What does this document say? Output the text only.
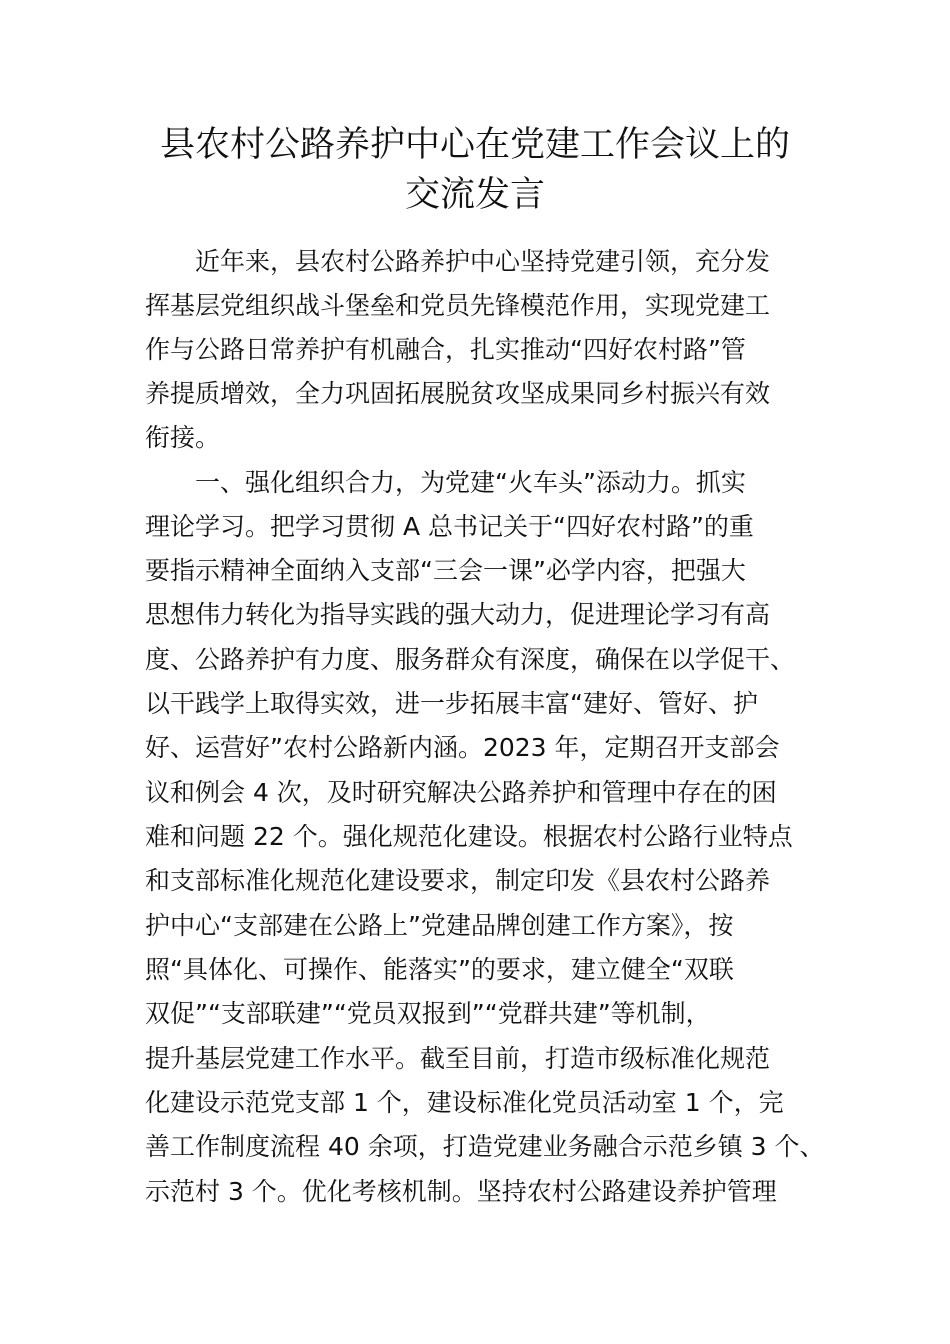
县农村公路养护中心在党建工作会议上的
交流发言
近年来，县农村公路养护中心坚持党建引领，充分发
挥基层党组织战斗堡垒和党员先锋模范作用，实现党建工
作与公路日常养护有机融合，扎实推动“四好农村路”管
养提质增效，全力巩固拓展脱贫攻坚成果同乡村振兴有效
衔接。
一、强化组织合力，为党建“火车头”添动力。抓实
理论学习。把学习贯彻 A 总书记关于“四好农村路”的重
要指示精神全面纳入支部“三会一课”必学内容，把强大
思想伟力转化为指导实践的强大动力，促进理论学习有高
度、公路养护有力度、服务群众有深度，确保在以学促干、
以干践学上取得实效，进一步拓展丰富“建好、管好、护
好、运营好”农村公路新内涵。2023 年，定期召开支部会
议和例会 4 次，及时研究解决公路养护和管理中存在的困
难和问题 22 个。强化规范化建设。根据农村公路行业特点
和支部标准化规范化建设要求，制定印发《县农村公路养
护中心“支部建在公路上”党建品牌创建工作方案》，按
照“具体化、可操作、能落实”的要求，建立健全“双联
双促”“支部联建”“党员双报到”“党群共建”等机制，
提升基层党建工作水平。截至目前，打造市级标准化规范
化建设示范党支部 1 个，建设标准化党员活动室 1 个，完
善工作制度流程 40 余项，打造党建业务融合示范乡镇 3 个、
示范村 3 个。优化考核机制。坚持农村公路建设养护管理
